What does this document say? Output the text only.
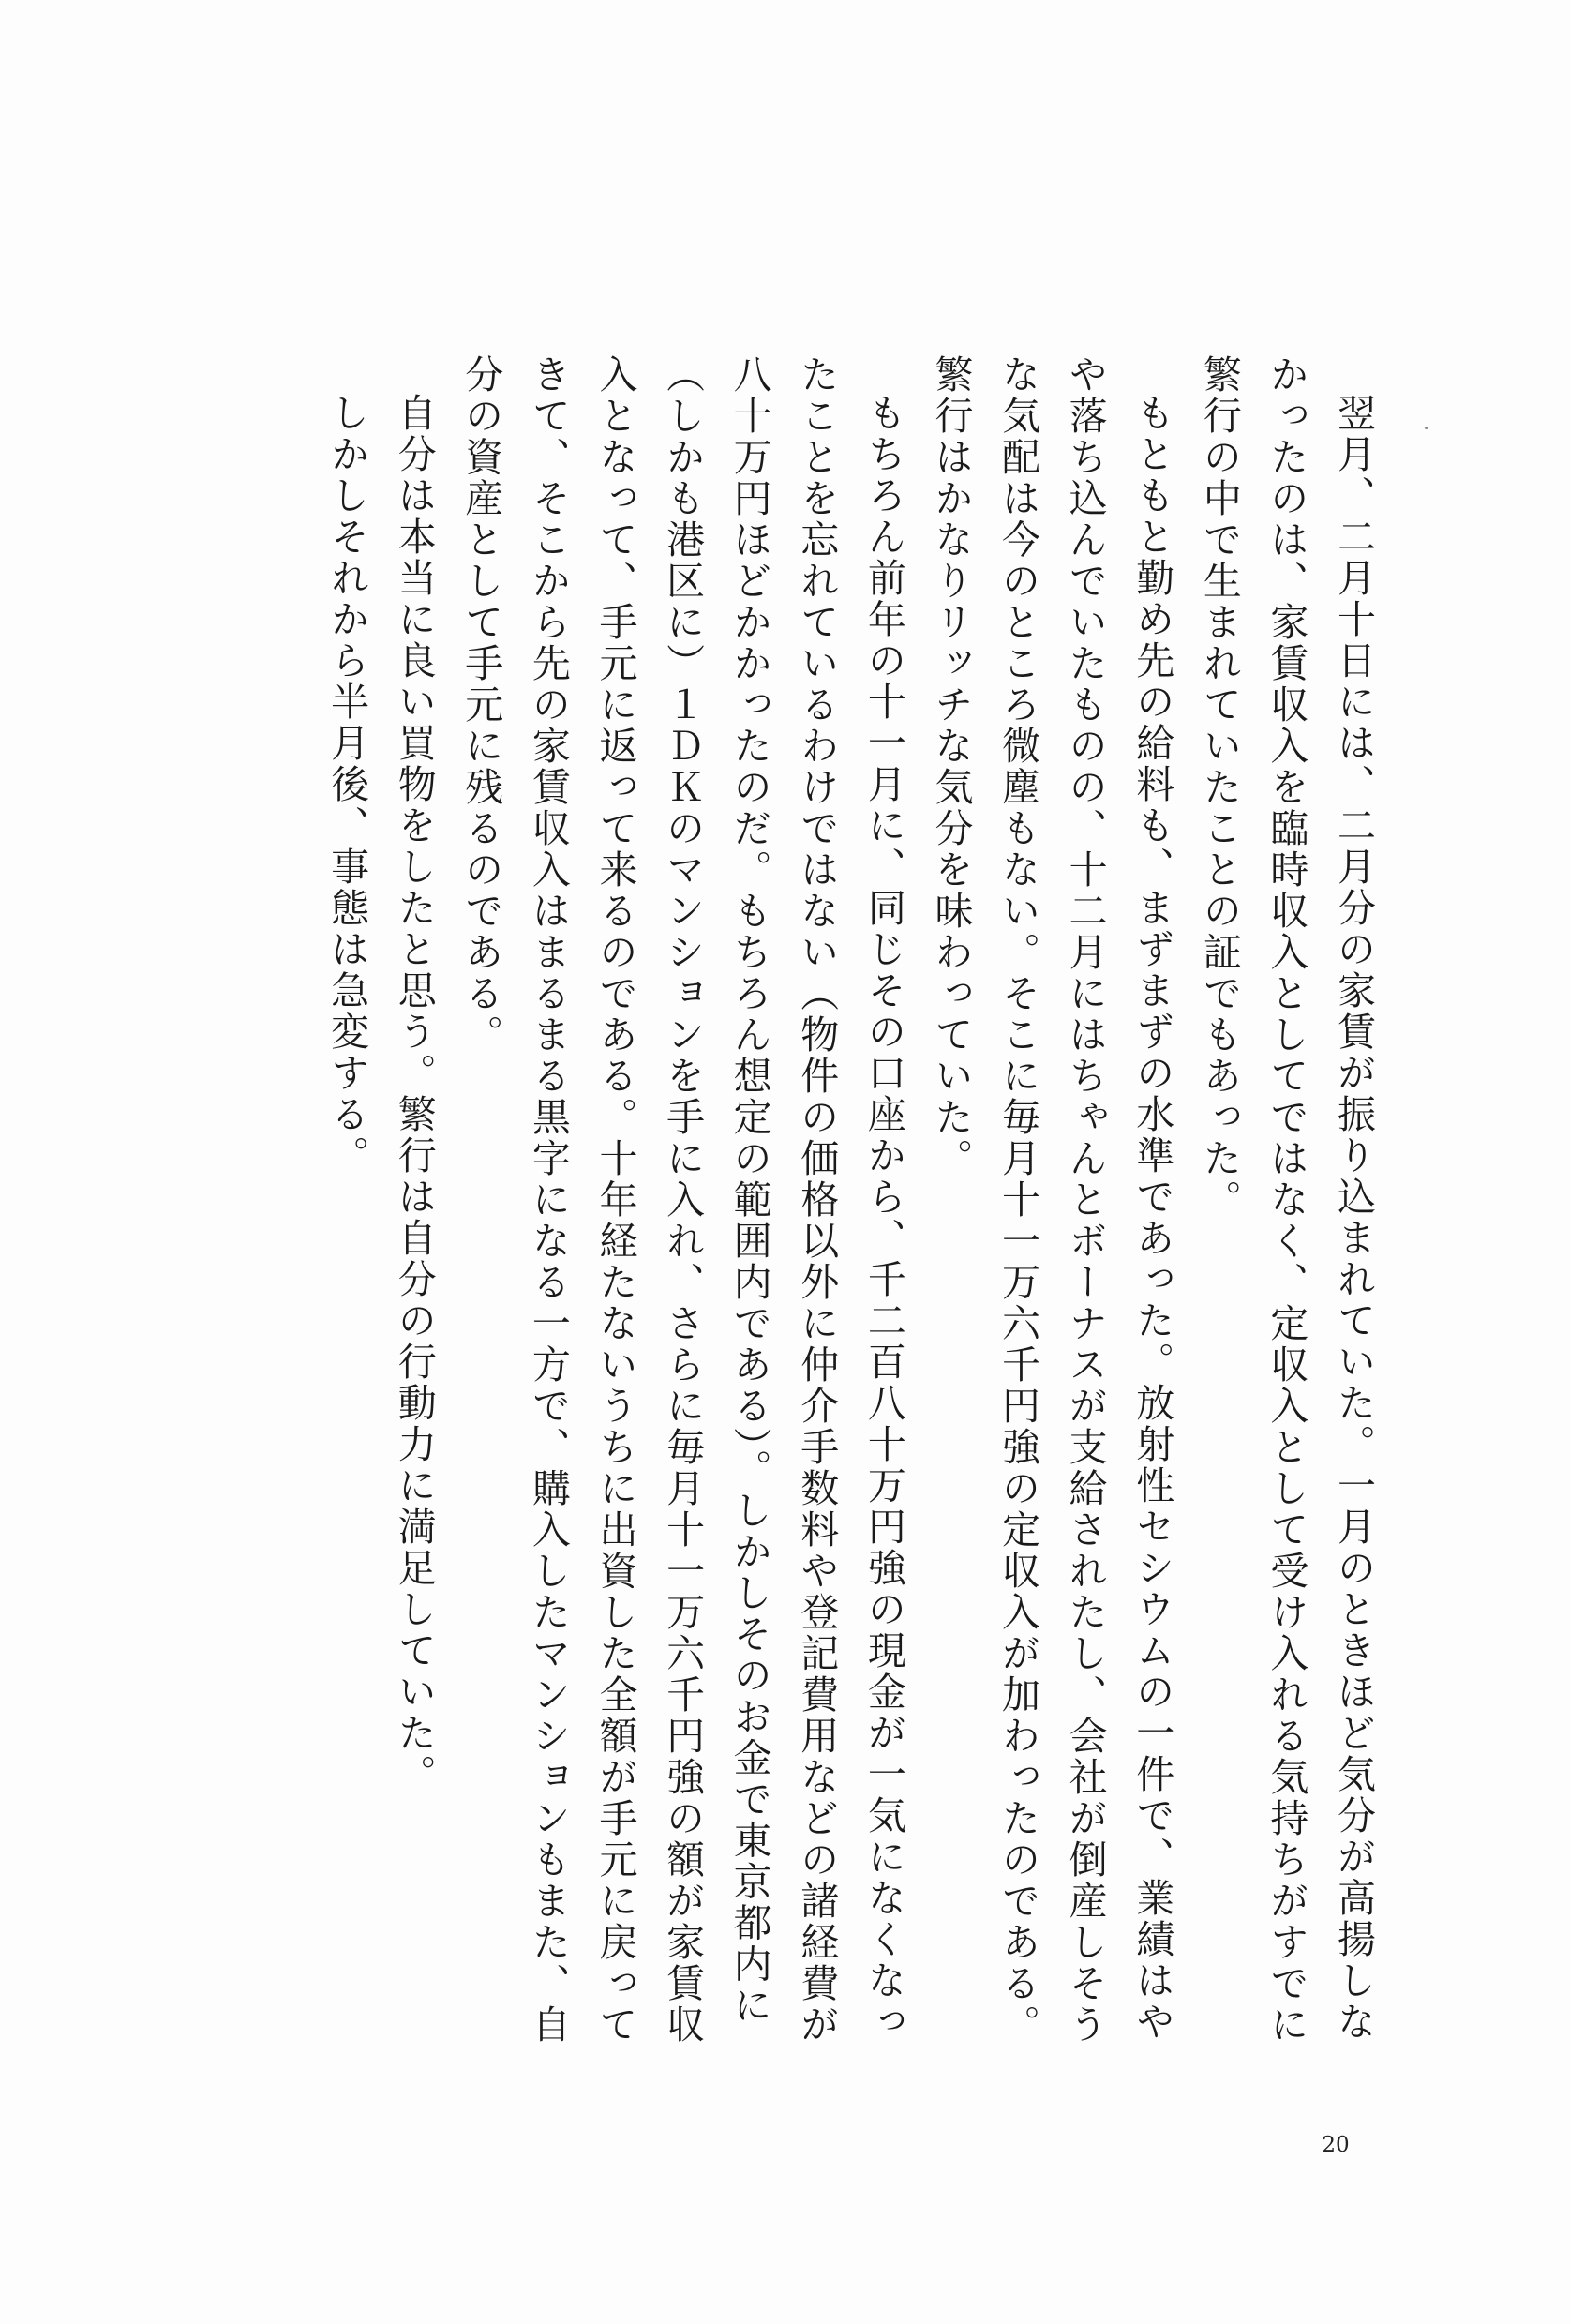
翌月、二月十日には、二月分の家賃が振り込まれていた。一月のときほど気分が高揚しなかったのは、家賃収入を臨時収入としてではなく、定収入として受け入れる気持ちがすでに繁行の中で生まれていたことの証でもあった。

もともと勤め先の給料も、まずまずの水準であった。放射性セシウムの一件で、業績はやや落ち込んでいたものの、十二月にはちゃんとボーナスが支給されたし、会社が倒産しそうな気配は今のところ微塵もない。そこに毎月十一万六千円強の定収入が加わったのである。繁行はかなりリッチな気分を味わっていた。

もちろん前年の十一月に、同じその口座から、千二百八十万円強の現金が一気になくなったことを忘れているわけではない（物件の価格以外に仲介手数料や登記費用などの諸経費が八十万円ほどかかったのだ。もちろん想定の範囲内である）。しかしそのお金で東京都内に（しかも港区に）１ＤＫのマンションを手に入れ、さらに毎月十一万六千円強の額が家賃収入となって、手元に返って来るのである。十年経たないうちに出資した全額が手元に戻ってきて、そこから先の家賃収入はまるまる黒字になる一方で、購入したマンションもまた、自分の資産として手元に残るのである。

自分は本当に良い買物をしたと思う。繁行は自分の行動力に満足していた。

しかしそれから半月後、事態は急変する。

20
